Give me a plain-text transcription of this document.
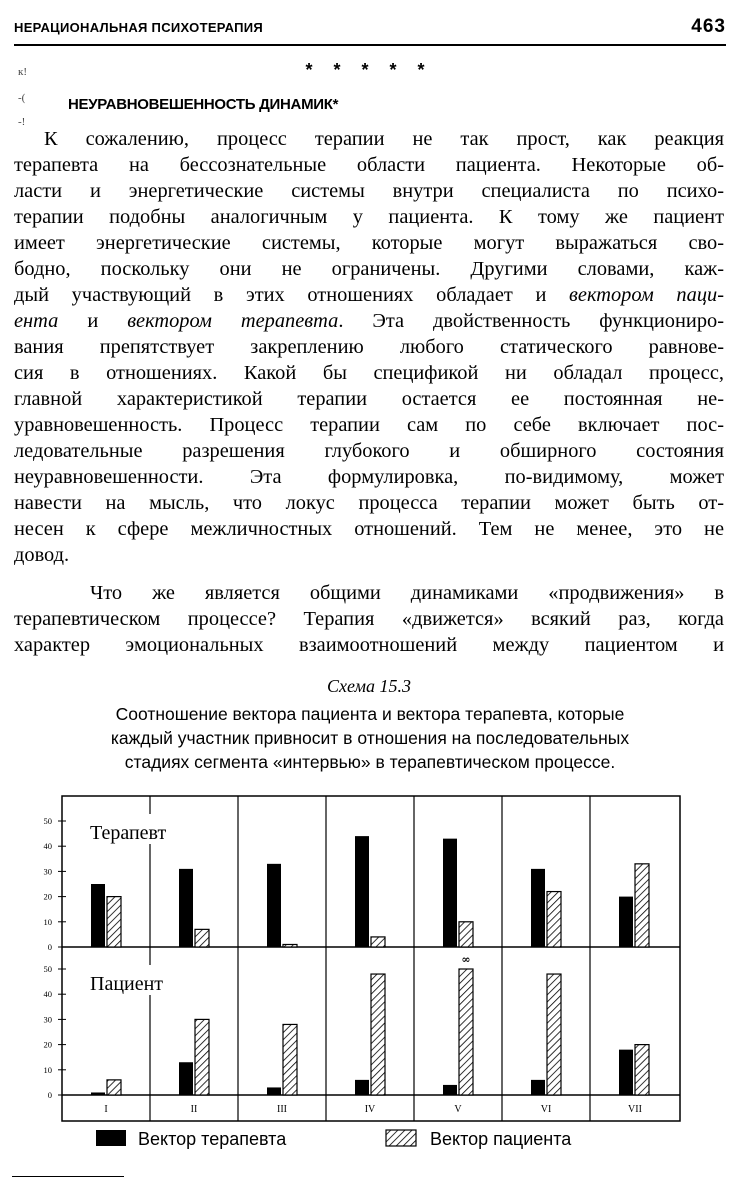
НЕРАЦИОНАЛЬНАЯ ПСИХОТЕРАПИЯ	463
к!
-(
-!
* * * * *
НЕУРАВНОВЕШЕННОСТЬ ДИНАМИК*
К сожалению, процесс терапии не так прост, как реакция
терапевта на бессознательные области пациента. Некоторые об-
ласти и энергетические системы внутри специалиста по психо-
терапии подобны аналогичным у пациента. К тому же пациент
имеет энергетические системы, которые могут выражаться сво-
бодно, поскольку они не ограничены. Другими словами, каж-
дый участвующий в этих отношениях обладает и вектором паци-
ента и вектором терапевта. Эта двойственность функциониро-
вания препятствует закреплению любого статического равнове-
сия в отношениях. Какой бы спецификой ни обладал процесс,
главной характеристикой терапии остается ее постоянная не-
уравновешенность. Процесс терапии сам по себе включает пос-
ледовательные разрешения глубокого и обширного состояния
неуравновешенности. Эта формулировка, по-видимому, может
навести на мысль, что локус процесса терапии может быть от-
несен к сфере межличностных отношений. Тем не менее, это не
довод.
Что же является общими динамиками «продвижения» в
терапевтическом процессе? Терапия «движется» всякий раз, когда
характер эмоциональных взаимоотношений между пациентом и
Схема 15.3
Соотношение вектора пациента и вектора терапевта, которые
каждый участник привносит в отношения на последовательных
стадиях сегмента «интервью» в терапевтическом процессе.
50
40
30
20
10
0
Терапевт
50
40
30
20
10
0
Пациент
∞
I	II	III	IV	V	VI	VII
Вектор терапевта	Вектор пациента
